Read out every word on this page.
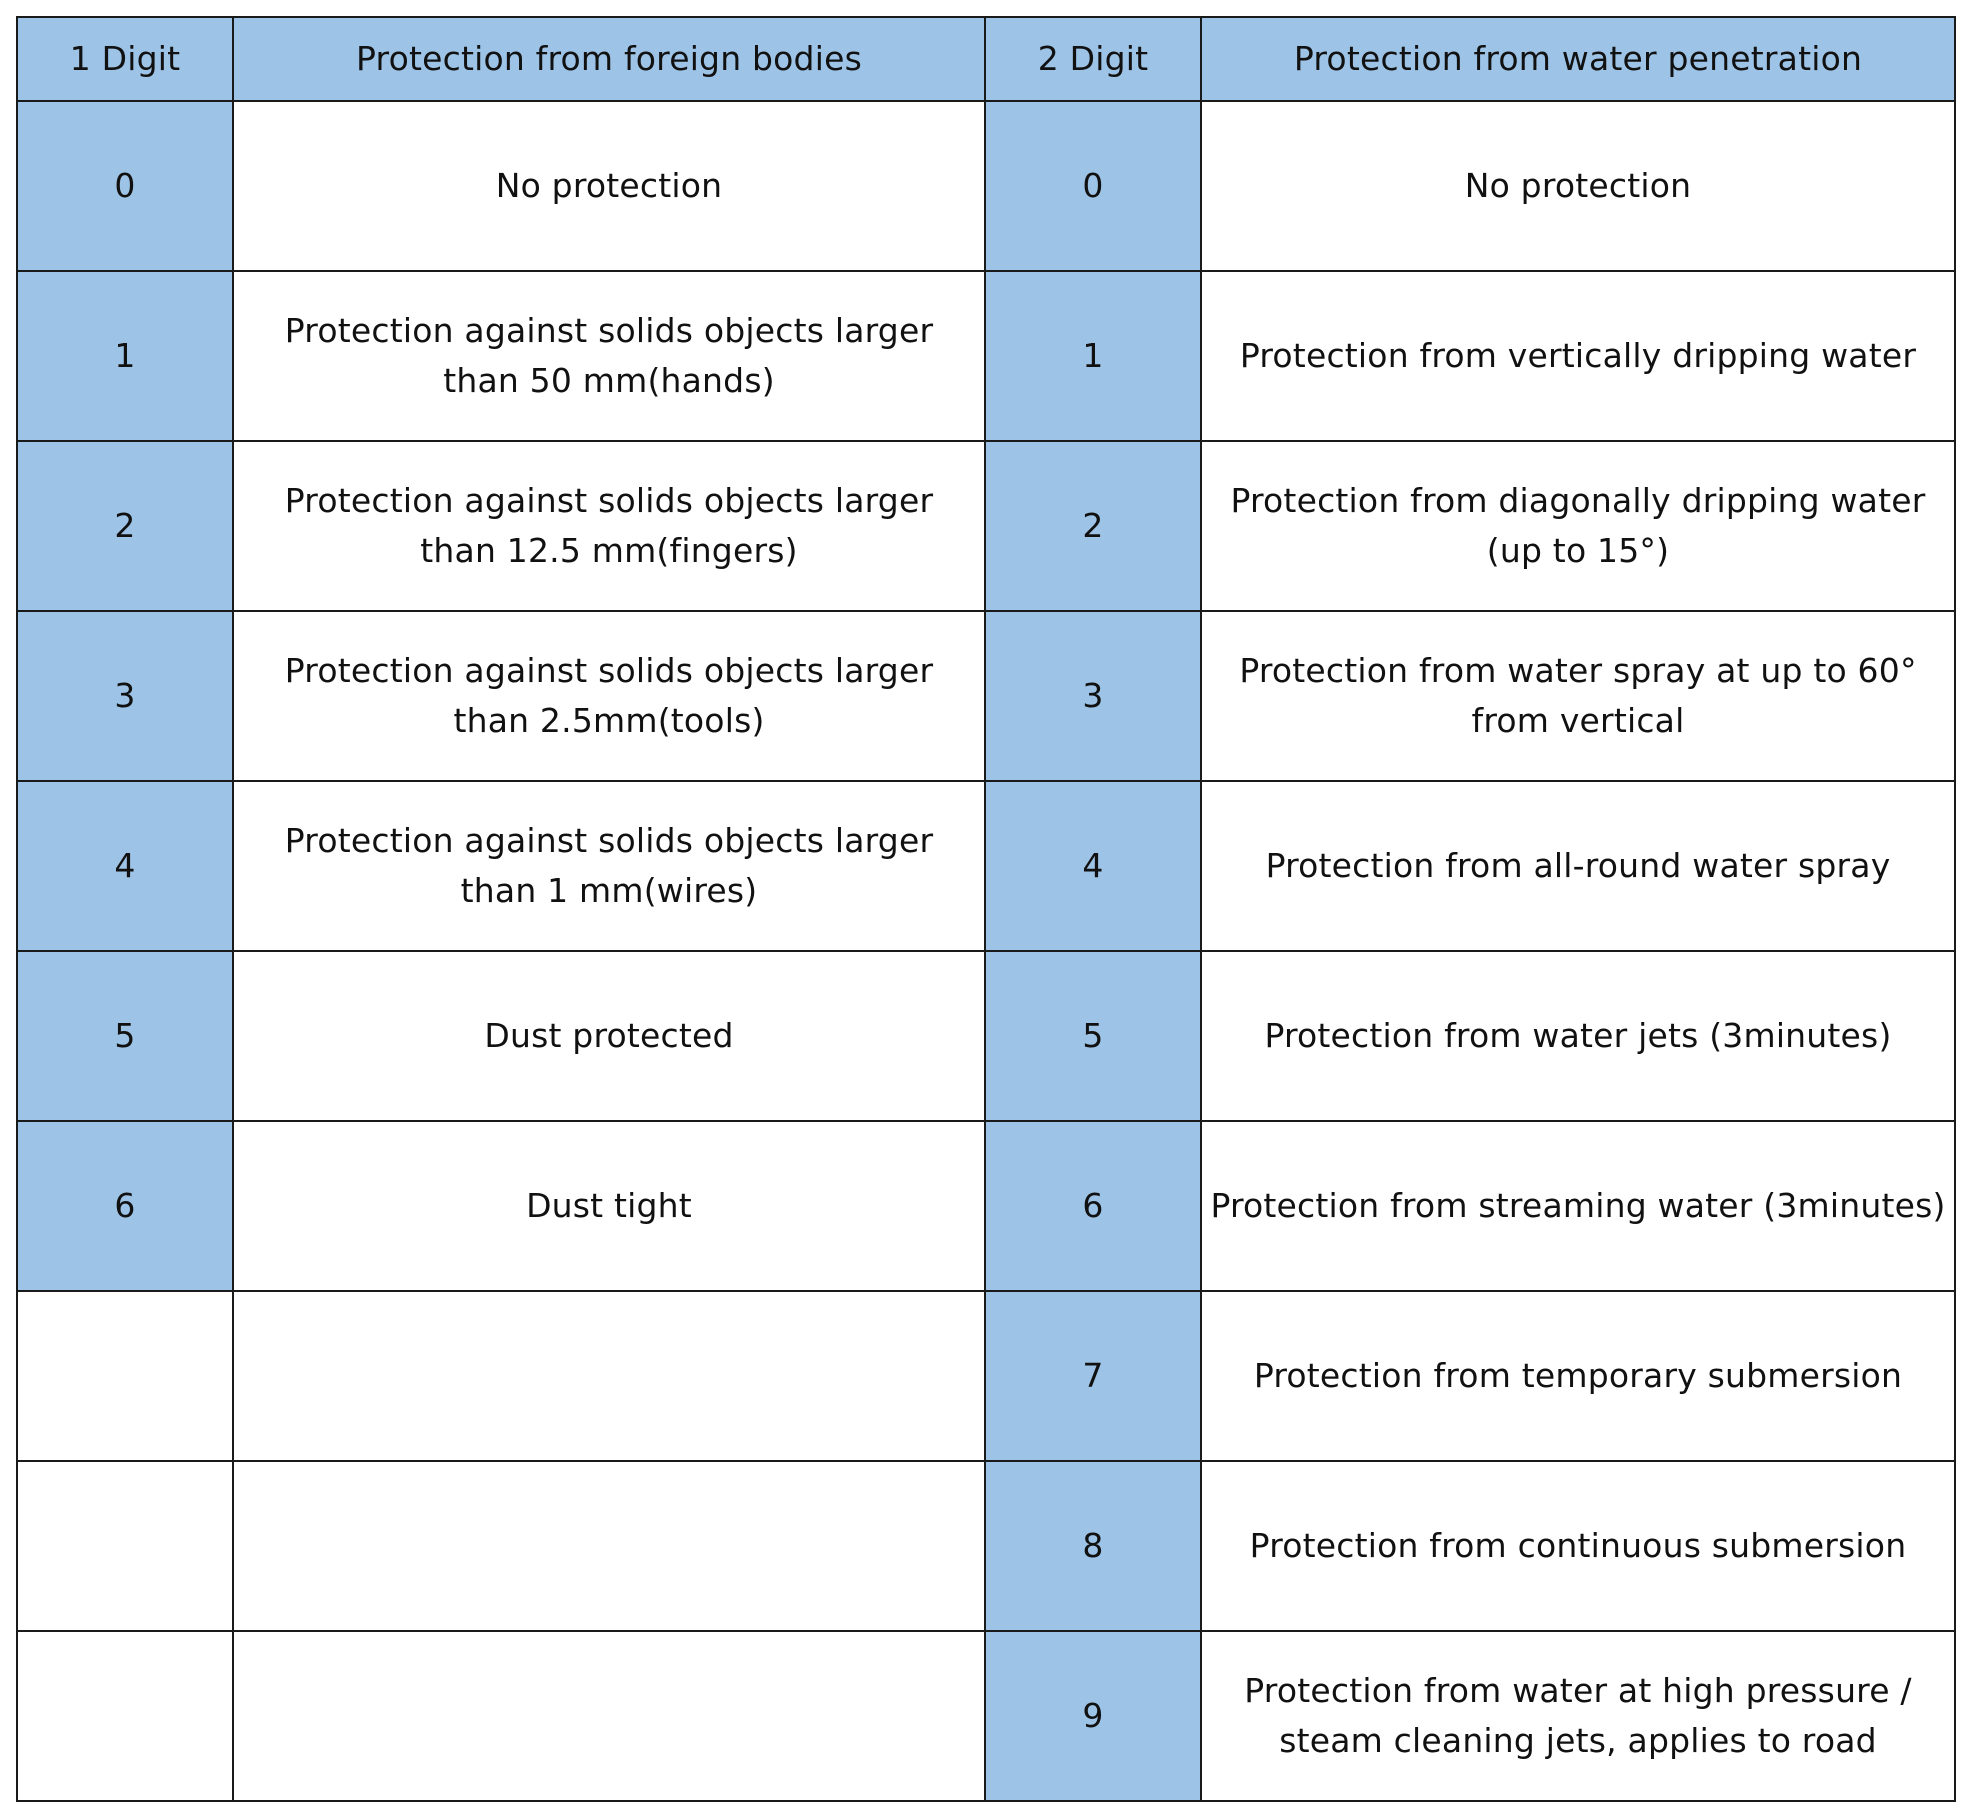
1 Digit	Protection from foreign bodies	2 Digit	Protection from water penetration
0	No protection	0	No protection
1	Protection against solids objects larger than 50 mm(hands)	1	Protection from vertically dripping water
2	Protection against solids objects larger than 12.5 mm(fingers)	2	Protection from diagonally dripping water (up to 15°)
3	Protection against solids objects larger than 2.5mm(tools)	3	Protection from water spray at up to 60° from vertical
4	Protection against solids objects larger than 1 mm(wires)	4	Protection from all-round water spray
5	Dust protected	5	Protection from water jets (3minutes)
6	Dust tight	6	Protection from streaming water (3minutes)
		7	Protection from temporary submersion
		8	Protection from continuous submersion
		9	Protection from water at high pressure / steam cleaning jets, applies to road
